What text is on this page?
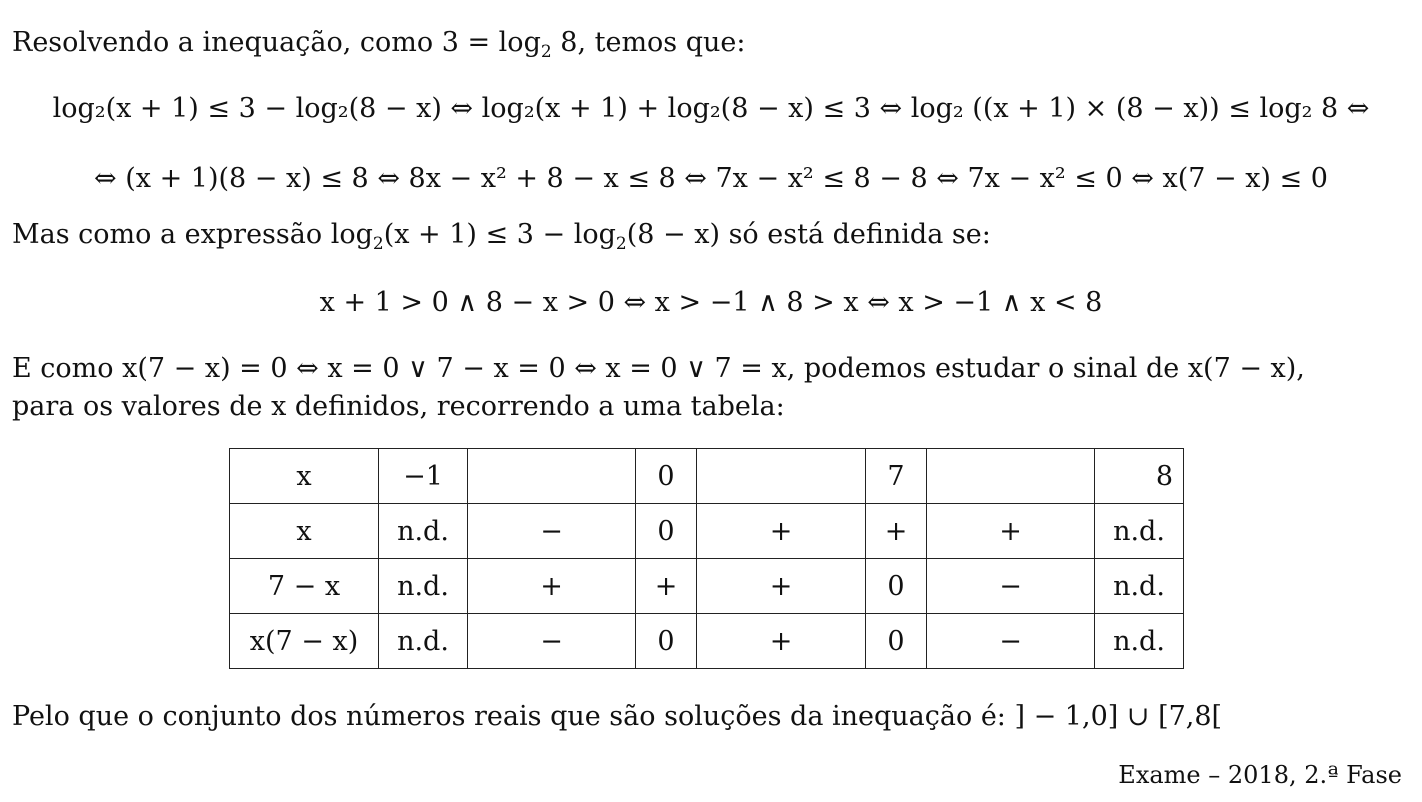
Resolvendo a inequação, como $3 = \log_2 8$, temos que:
log₂(x + 1) ≤ 3 − log₂(8 − x) ⇔ log₂(x + 1) + log₂(8 − x) ≤ 3 ⇔ log₂ ((x + 1) × (8 − x)) ≤ log₂ 8 ⇔
⇔ (x + 1)(8 − x) ≤ 8 ⇔ 8x − x² + 8 − x ≤ 8 ⇔ 7x − x² ≤ 8 − 8 ⇔ 7x − x² ≤ 0 ⇔ x(7 − x) ≤ 0
Mas como a expressão $\log_2(x + 1) \le 3 - \log_2(8 - x)$ só está definida se:
x + 1 > 0 ∧ 8 − x > 0 ⇔ x > −1 ∧ 8 > x ⇔ x > −1 ∧ x < 8
E como x(7 − x) = 0 ⇔ x = 0 ∨ 7 − x = 0 ⇔ x = 0 ∨ 7 = x, podemos estudar o sinal de x(7 − x),
para os valores de x definidos, recorrendo a uma tabela:
x	−1		0		7		8
x	n.d.	−	0	+	+	+	n.d.
7 − x	n.d.	+	+	+	0	−	n.d.
x(7 − x)	n.d.	−	0	+	0	−	n.d.
Pelo que o conjunto dos números reais que são soluções da inequação é: ] − 1,0] ∪ [7,8[
Exame – 2018, 2.ª Fase
